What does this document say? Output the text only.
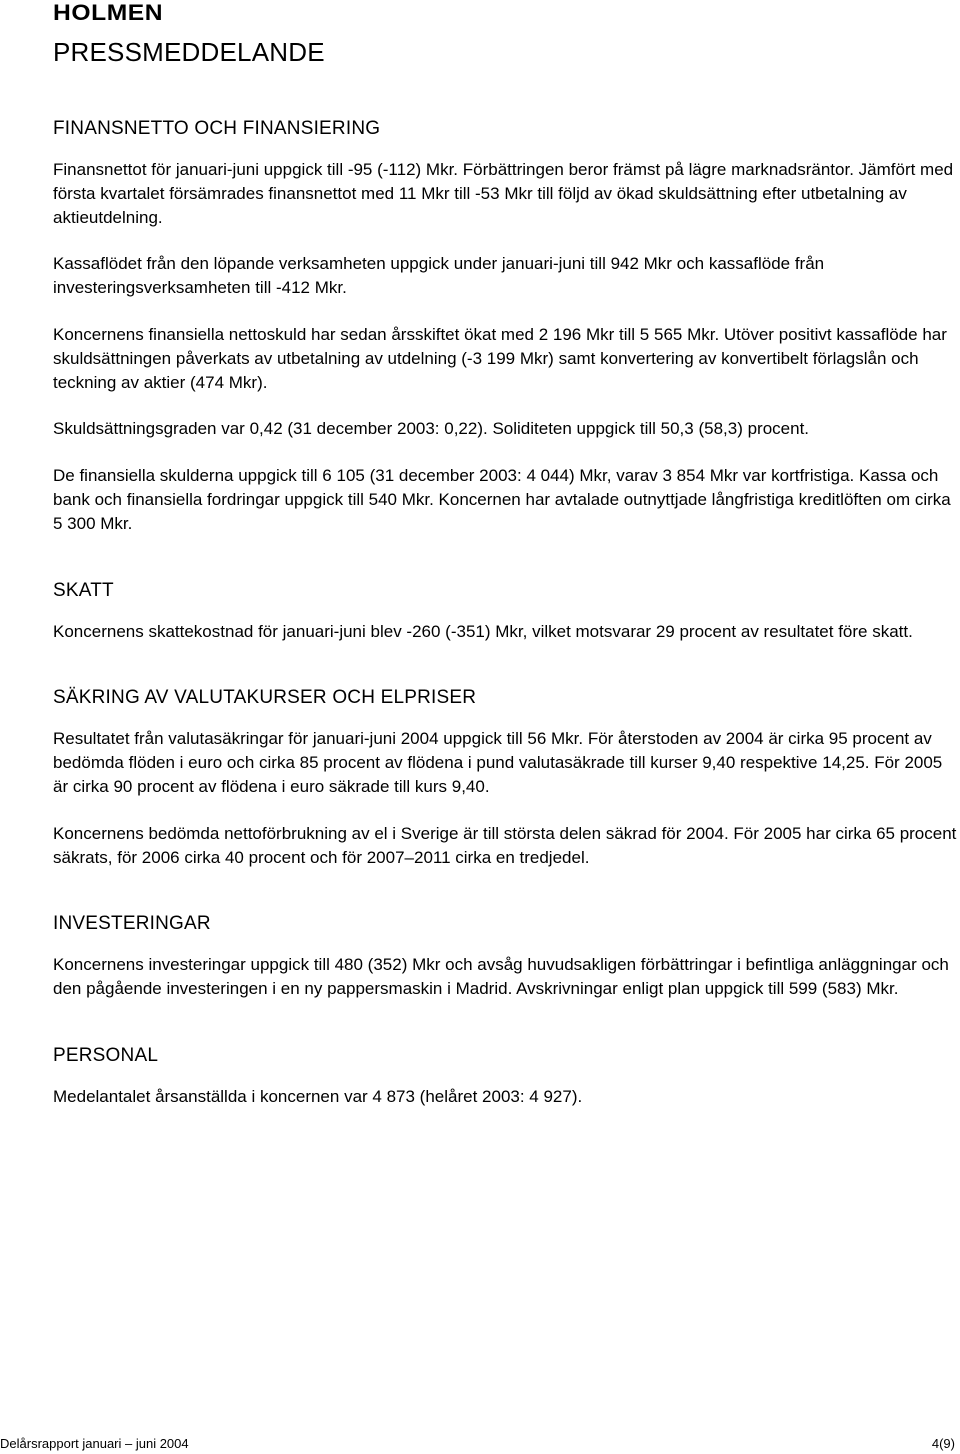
HOLMEN
PRESSMEDDELANDE
FINANSNETTO OCH FINANSIERING

Finansnettot för januari-juni uppgick till -95 (-112) Mkr. Förbättringen beror främst på lägre marknadsräntor. Jämfört med första kvartalet försämrades finansnettot med 11 Mkr till -53 Mkr till följd av ökad skuldsättning efter utbetalning av aktieutdelning.

Kassaflödet från den löpande verksamheten uppgick under januari-juni till 942 Mkr och kassaflöde från investeringsverksamheten till -412 Mkr.

Koncernens finansiella nettoskuld har sedan årsskiftet ökat med 2 196 Mkr till 5 565 Mkr. Utöver positivt kassaflöde har skuldsättningen påverkats av utbetalning av utdelning (-3 199 Mkr) samt konvertering av konvertibelt förlagslån och teckning av aktier (474 Mkr).

Skuldsättningsgraden var 0,42 (31 december 2003: 0,22). Soliditeten uppgick till 50,3 (58,3) procent.

De finansiella skulderna uppgick till 6 105 (31 december 2003: 4 044) Mkr, varav 3 854 Mkr var kortfristiga. Kassa och bank och finansiella fordringar uppgick till 540 Mkr. Koncernen har avtalade outnyttjade långfristiga kreditlöften om cirka 5 300 Mkr.

SKATT

Koncernens skattekostnad för januari-juni blev -260 (-351) Mkr, vilket motsvarar 29 procent av resultatet före skatt.

SÄKRING AV VALUTAKURSER OCH ELPRISER

Resultatet från valutasäkringar för januari-juni 2004 uppgick till 56 Mkr. För återstoden av 2004 är cirka 95 procent av bedömda flöden i euro och cirka 85 procent av flödena i pund valutasäkrade till kurser 9,40 respektive 14,25. För 2005 är cirka 90 procent av flödena i euro säkrade till kurs 9,40.

Koncernens bedömda nettoförbrukning av el i Sverige är till största delen säkrad för 2004. För 2005 har cirka 65 procent säkrats, för 2006 cirka 40 procent och för 2007–2011 cirka en tredjedel.

INVESTERINGAR

Koncernens investeringar uppgick till 480 (352) Mkr och avsåg huvudsakligen förbättringar i befintliga anläggningar och den pågående investeringen i en ny pappersmaskin i Madrid. Avskrivningar enligt plan uppgick till 599 (583) Mkr.

PERSONAL

Medelantalet årsanställda i koncernen var 4 873 (helåret 2003: 4 927).

Delårsrapport januari – juni 2004	4(9)
